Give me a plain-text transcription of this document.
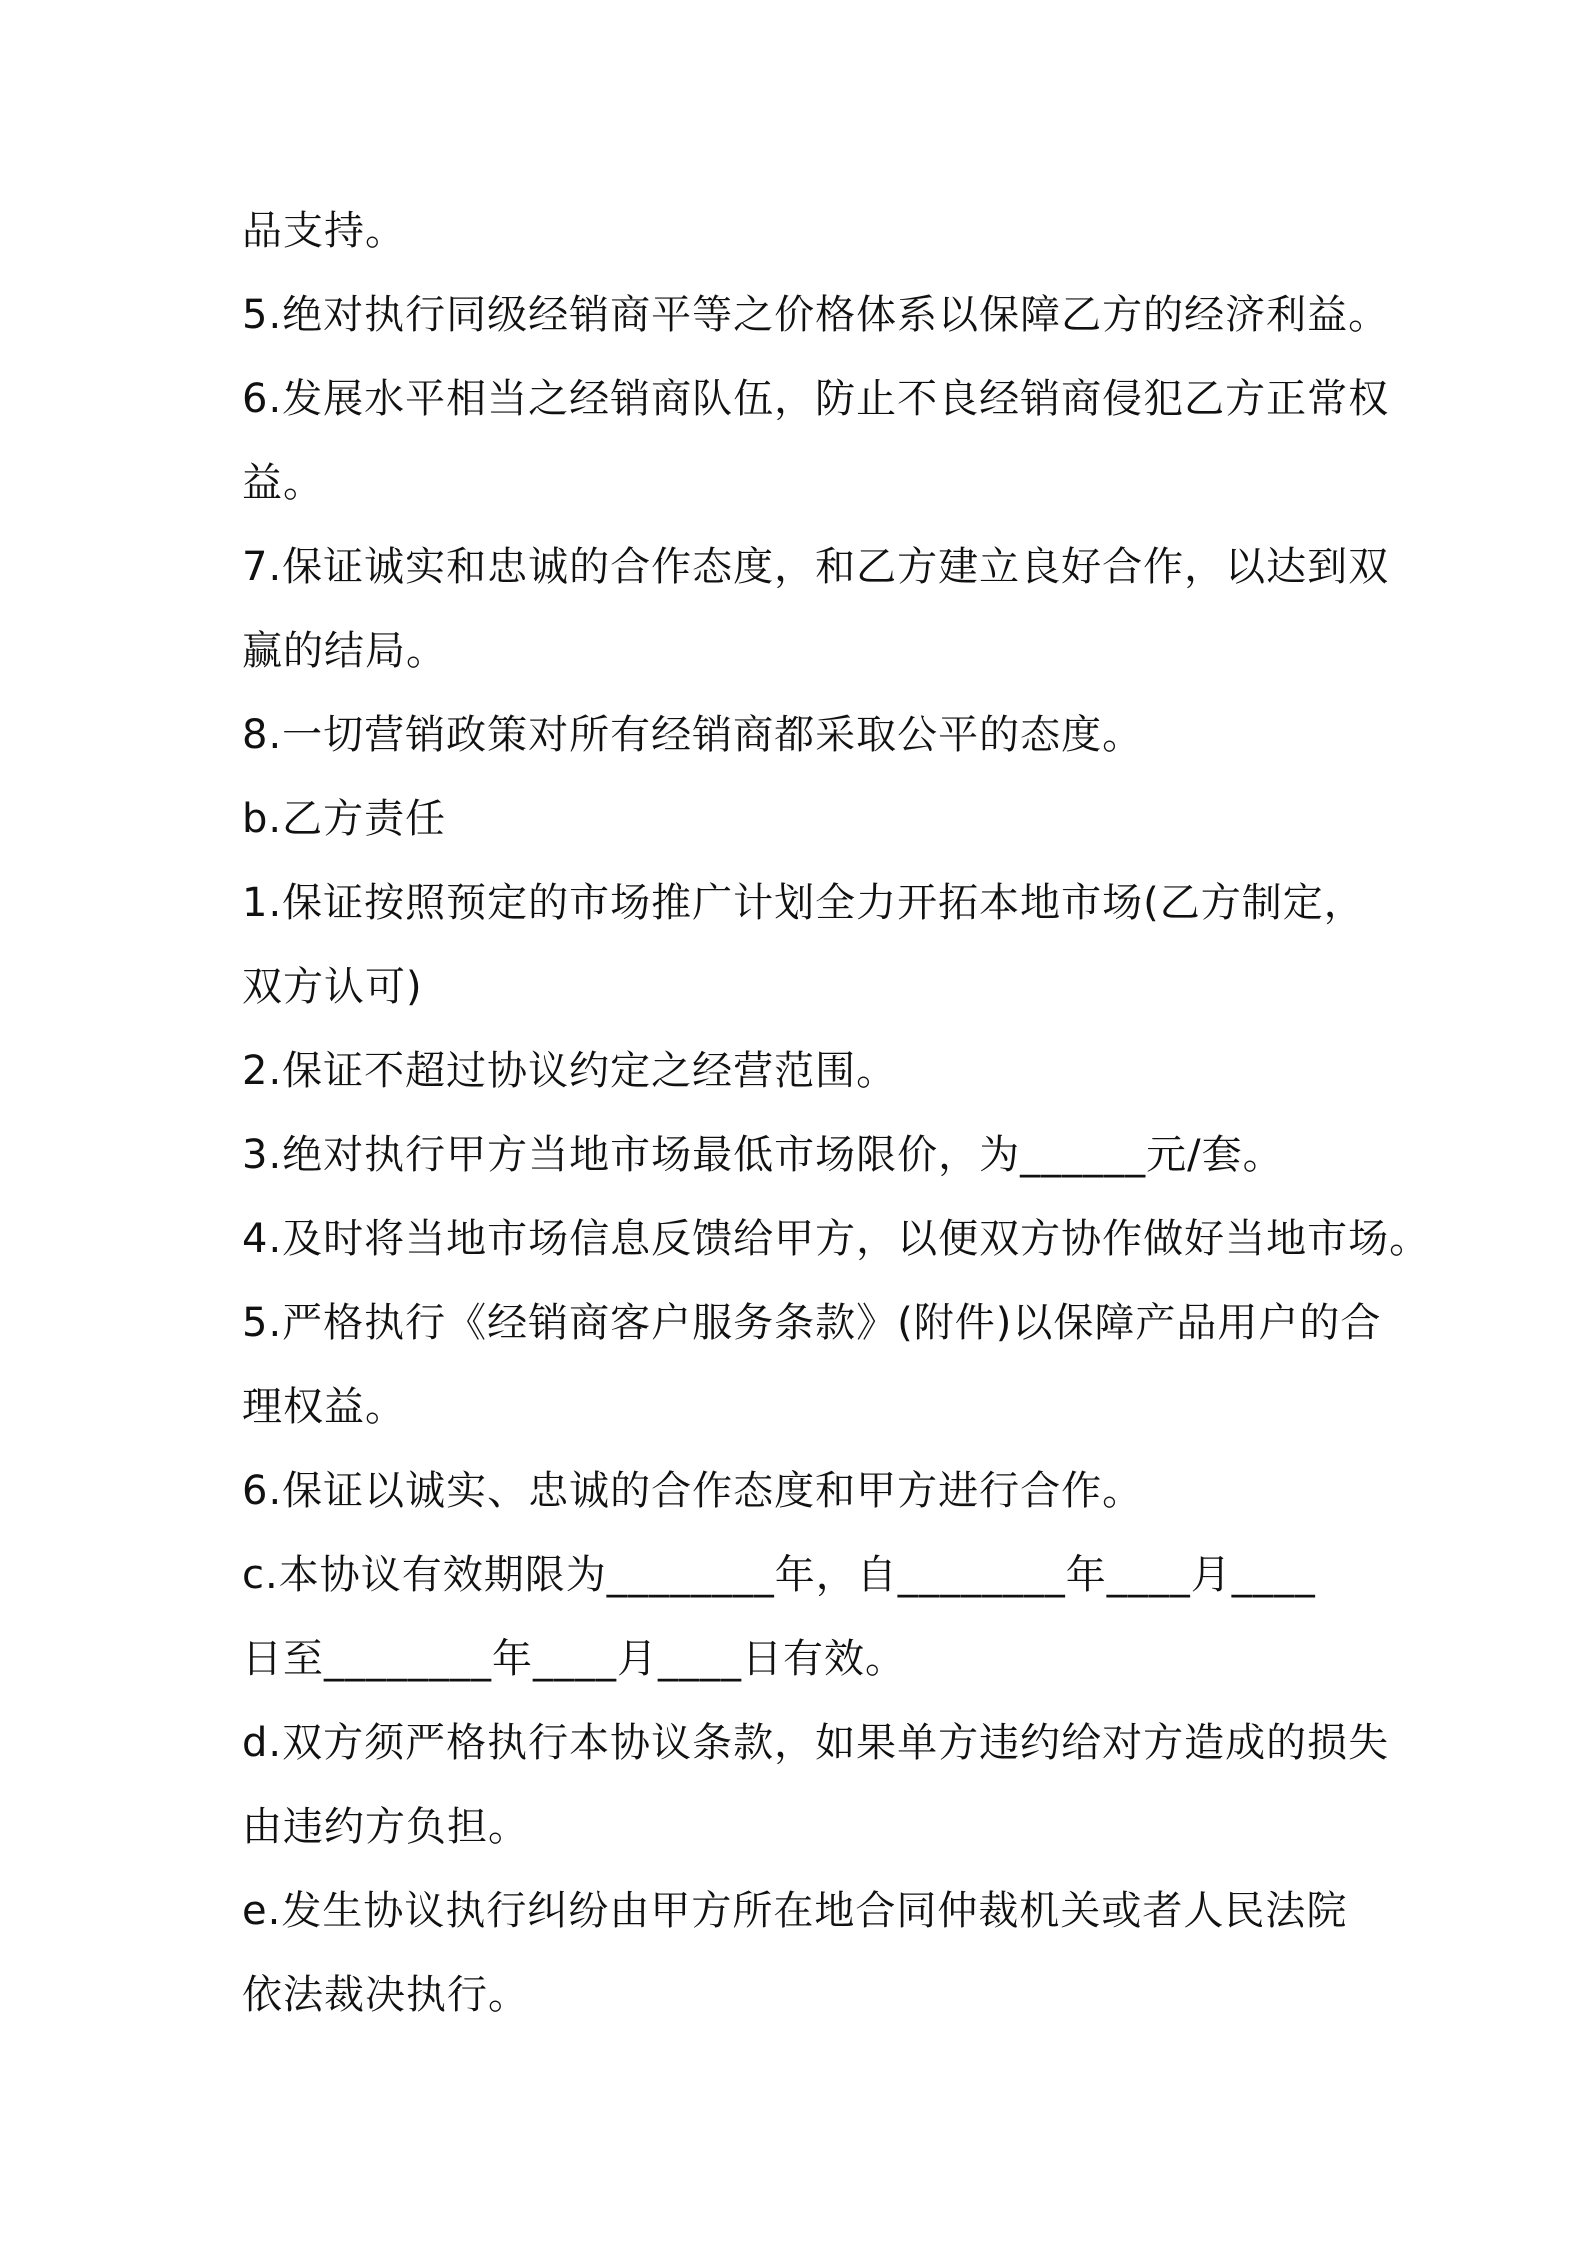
品支持。
5.绝对执行同级经销商平等之价格体系以保障乙方的经济利益。
6.发展水平相当之经销商队伍，防止不良经销商侵犯乙方正常权
益。
7.保证诚实和忠诚的合作态度，和乙方建立良好合作，以达到双
赢的结局。
8.一切营销政策对所有经销商都采取公平的态度。
b.乙方责任
1.保证按照预定的市场推广计划全力开拓本地市场(乙方制定，
双方认可)
2.保证不超过协议约定之经营范围。
3.绝对执行甲方当地市场最低市场限价，为______元/套。
4.及时将当地市场信息反馈给甲方，以便双方协作做好当地市场。
5.严格执行《经销商客户服务条款》(附件)以保障产品用户的合
理权益。
6.保证以诚实、忠诚的合作态度和甲方进行合作。
c.本协议有效期限为________年，自________年____月____
日至________年____月____日有效。
d.双方须严格执行本协议条款，如果单方违约给对方造成的损失
由违约方负担。
e.发生协议执行纠纷由甲方所在地合同仲裁机关或者人民法院
依法裁决执行。
